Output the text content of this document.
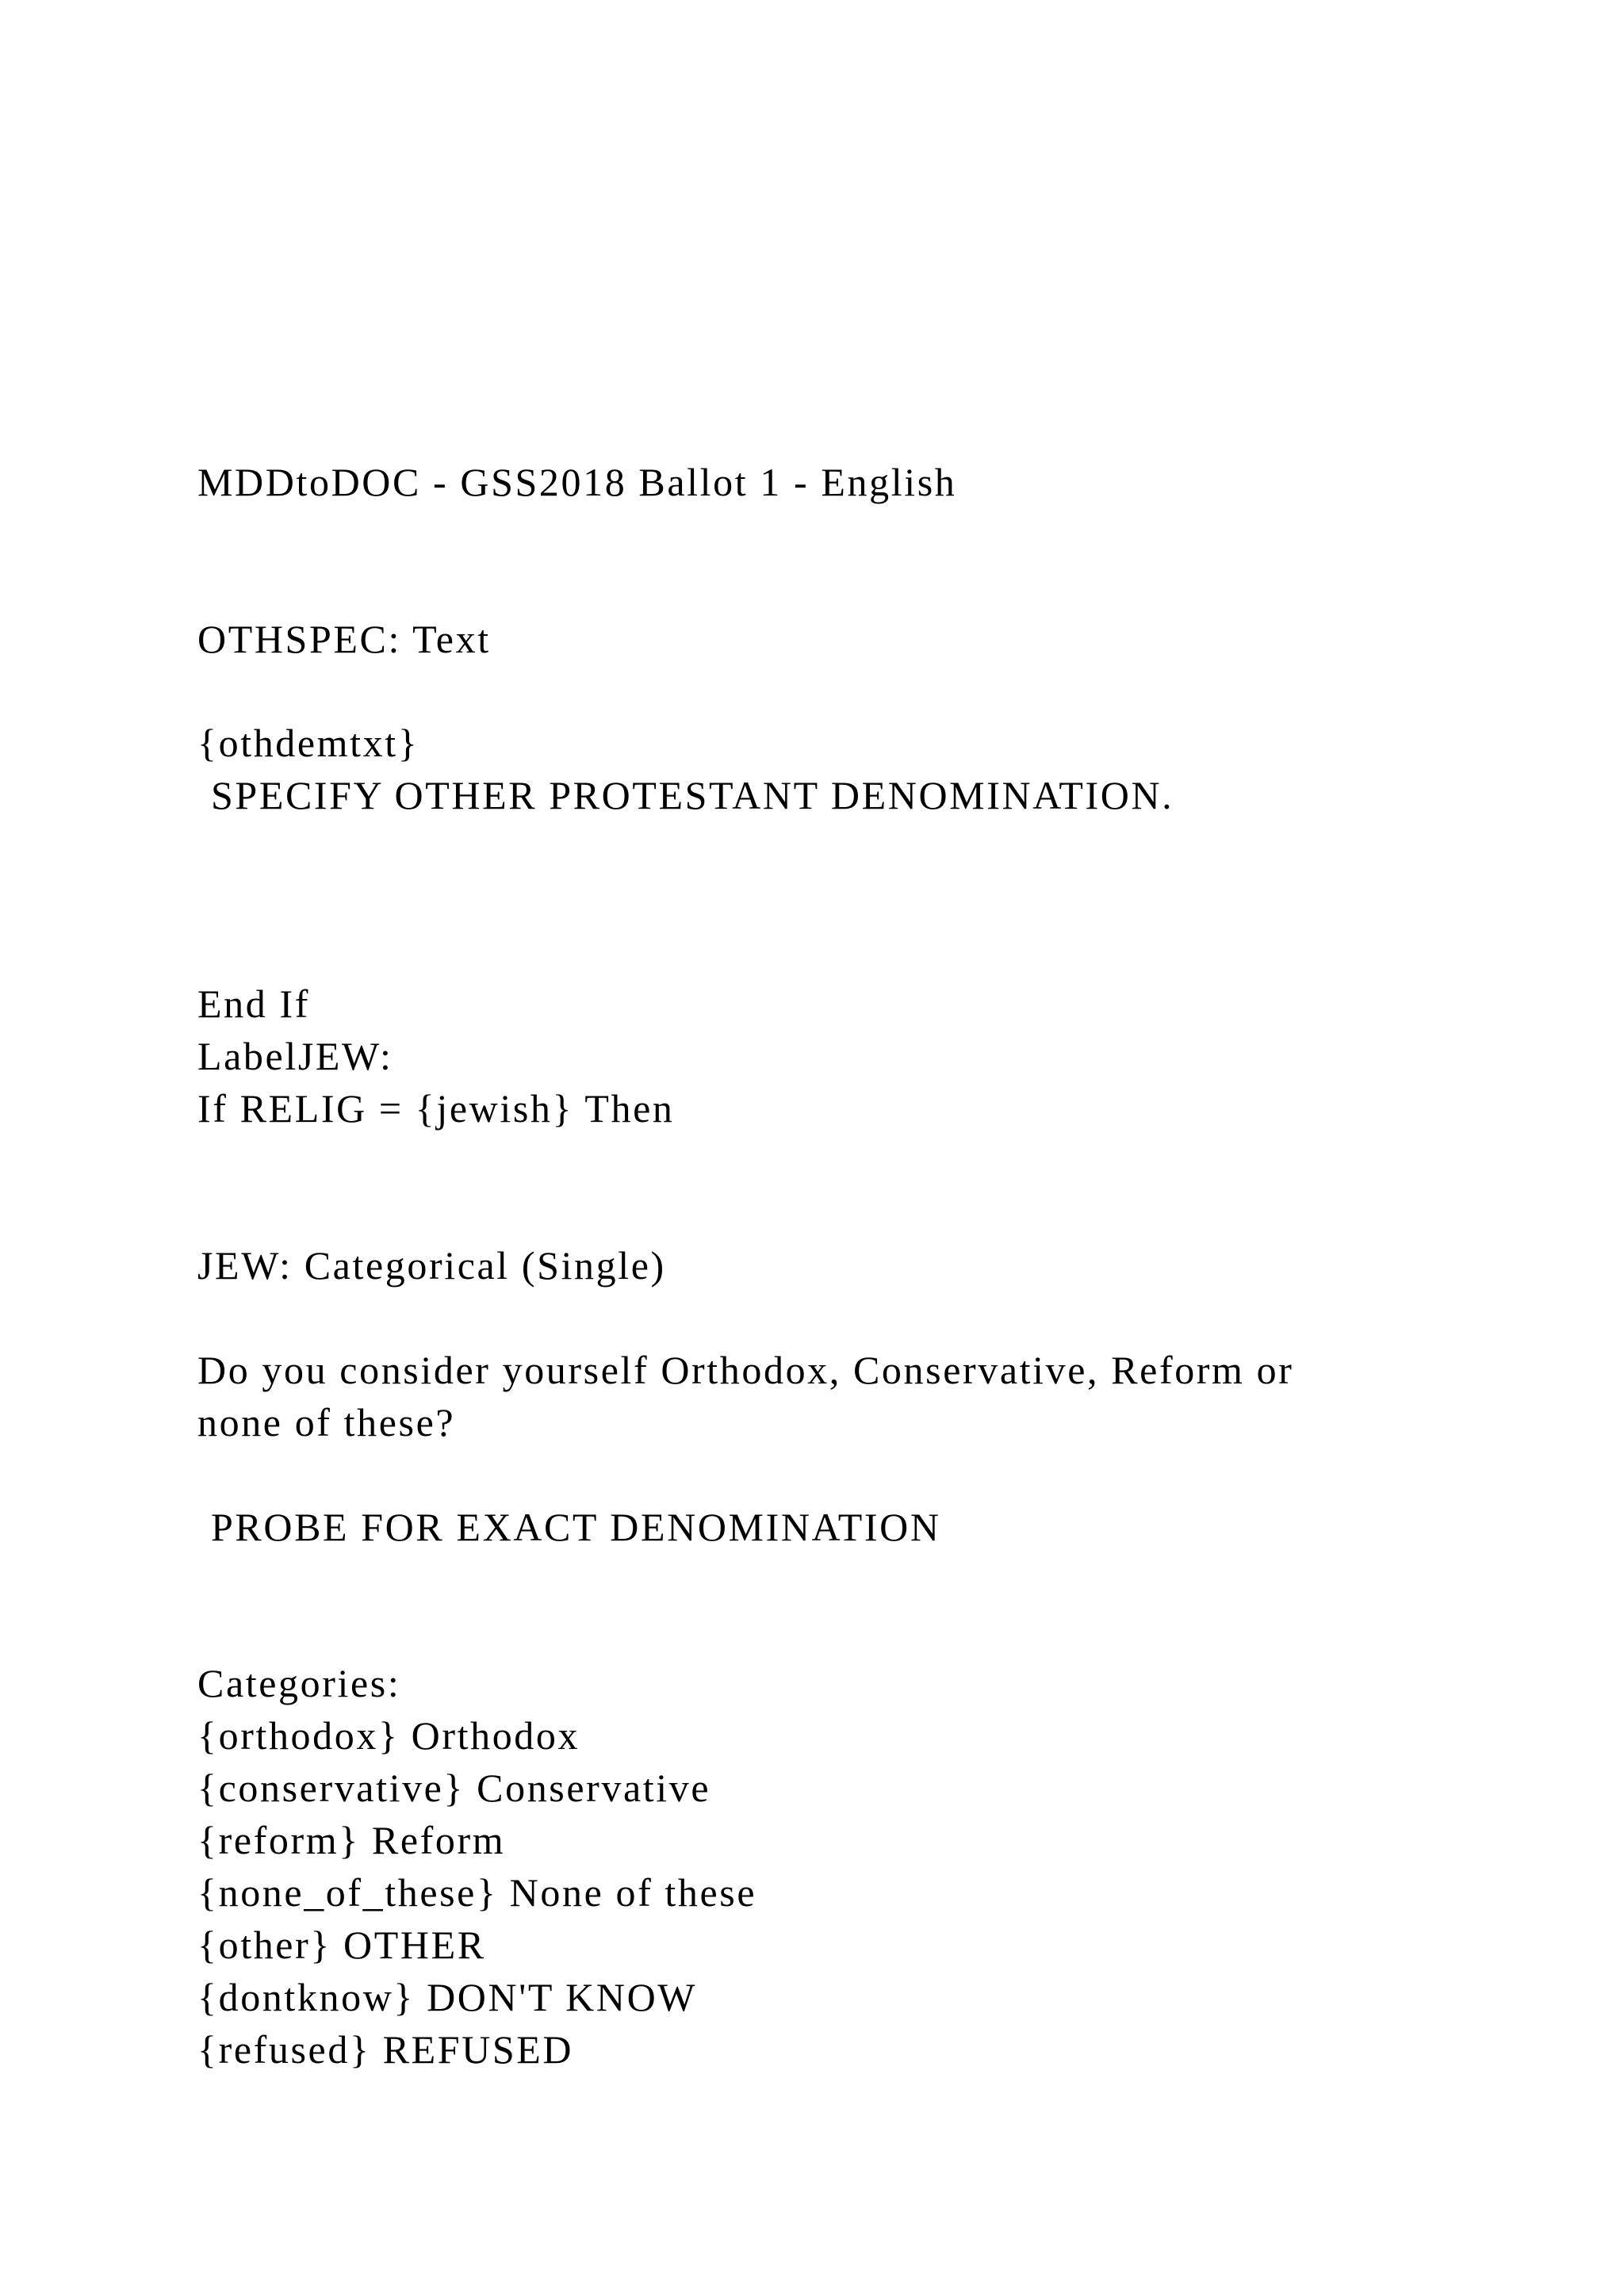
MDDtoDOC - GSS2018 Ballot 1 - English
OTHSPEC: Text
{othdemtxt}
SPECIFY OTHER PROTESTANT DENOMINATION.
End If
LabelJEW:
If RELIG = {jewish} Then
JEW: Categorical (Single)
Do you consider yourself Orthodox, Conservative, Reform or
none of these?
PROBE FOR EXACT DENOMINATION
Categories:
{orthodox} Orthodox
{conservative} Conservative
{reform} Reform
{none_of_these} None of these
{other} OTHER
{dontknow} DON'T KNOW
{refused} REFUSED
